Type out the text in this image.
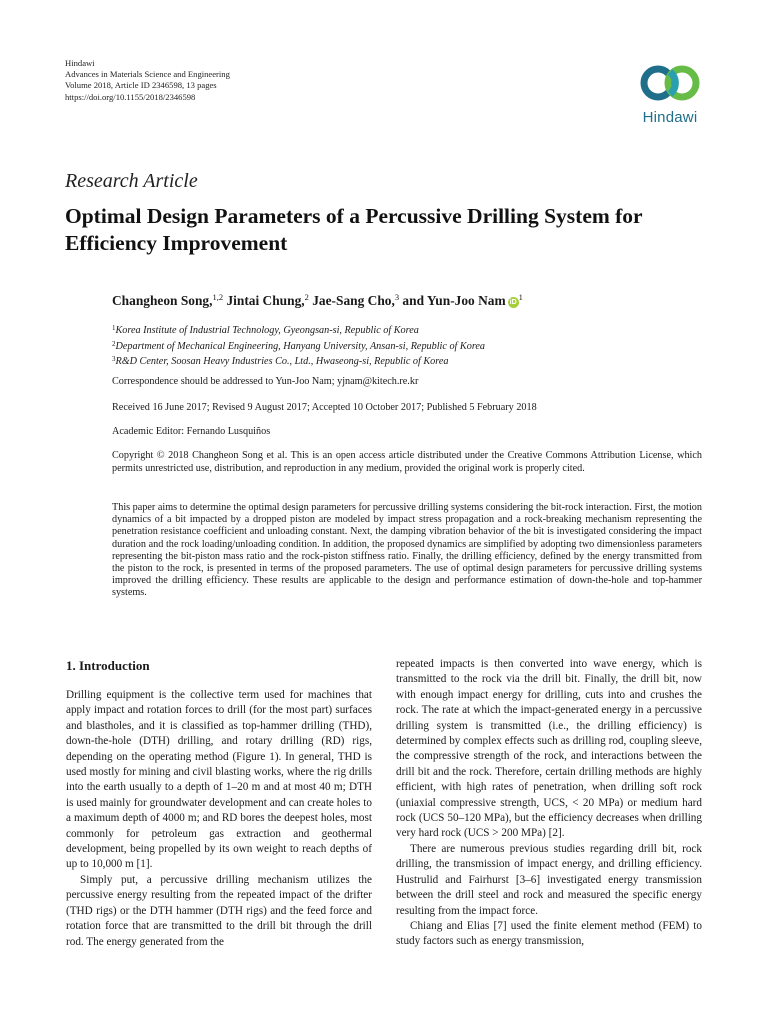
Hindawi
Advances in Materials Science and Engineering
Volume 2018, Article ID 2346598, 13 pages
https://doi.org/10.1155/2018/2346598
Hindawi
Research Article
Optimal Design Parameters of a Percussive Drilling System for Efficiency Improvement
Changheon Song,$^{1,2}$ Jintai Chung,$^2$ Jae-Sang Cho,$^3$ and Yun-Joo Nam $iD^1$
$^1$Korea Institute of Industrial Technology, Gyeongsan-si, Republic of Korea
$^2$Department of Mechanical Engineering, Hanyang University, Ansan-si, Republic of Korea
$^3$R&D Center, Soosan Heavy Industries Co., Ltd., Hwaseong-si, Republic of Korea
Correspondence should be addressed to Yun-Joo Nam; yjnam@kitech.re.kr
Received 16 June 2017; Revised 9 August 2017; Accepted 10 October 2017; Published 5 February 2018
Academic Editor: Fernando Lusquiños
Copyright © 2018 Changheon Song et al. This is an open access article distributed under the Creative Commons Attribution License, which permits unrestricted use, distribution, and reproduction in any medium, provided the original work is properly cited.
This paper aims to determine the optimal design parameters for percussive drilling systems considering the bit-rock interaction. First, the motion dynamics of a bit impacted by a dropped piston are modeled by impact stress propagation and a rock-breaking mechanism representing the penetration resistance coefficient and unloading constant. Next, the damping vibration behavior of the bit is investigated considering the impact duration and the rock loading/unloading condition. In addition, the proposed dynamics are simplified by adopting two dimensionless parameters representing the bit-piston mass ratio and the rock-piston stiffness ratio. Finally, the drilling efficiency, defined by the energy transmitted from the piston to the rock, is presented in terms of the proposed parameters. The use of optimal design parameters for percussive drilling systems improved the drilling efficiency. These results are applicable to the design and performance estimation of down-the-hole and top-hammer systems.
1. Introduction

Drilling equipment is the collective term used for machines that apply impact and rotation forces to drill (for the most part) surfaces and blastholes, and it is classified as top-hammer drilling (THD), down-the-hole (DTH) drilling, and rotary drilling (RD) rigs, depending on the operating method (Figure 1). In general, THD is used mostly for mining and civil blasting works, where the rig drills into the earth usually to a depth of 1–20 m and at most 40 m; DTH is used mainly for groundwater development and can create holes to a maximum depth of 4000 m; and RD bores the deepest holes, most commonly for petroleum gas extraction and geothermal development, being propelled by its own weight to reach depths of up to 10,000 m [1].

Simply put, a percussive drilling mechanism utilizes the percussive energy resulting from the repeated impact of the drifter (THD rigs) or the DTH hammer (DTH rigs) and the feed force and rotation force that are transmitted to the drill bit through the drill rod. The energy generated from the

repeated impacts is then converted into wave energy, which is transmitted to the rock via the drill bit. Finally, the drill bit, now with enough impact energy for drilling, cuts into and crushes the rock. The rate at which the impact-generated energy in a percussive drilling system is transmitted (i.e., the drilling efficiency) is determined by complex effects such as drilling rod, coupling sleeve, the compressive strength of the rock, and interactions between the drill bit and the rock. Therefore, certain drilling methods are highly efficient, with high rates of penetration, when drilling soft rock (uniaxial compressive strength, UCS, < 20 MPa) or medium hard rock (UCS 50–120 MPa), but the efficiency decreases when drilling very hard rock (UCS > 200 MPa) [2].

There are numerous previous studies regarding drill bit, rock drilling, the transmission of impact energy, and drilling efficiency. Hustrulid and Fairhurst [3–6] investigated energy transmission between the drill steel and rock and measured the specific energy resulting from the impact force.

Chiang and Elias [7] used the finite element method (FEM) to study factors such as energy transmission,
